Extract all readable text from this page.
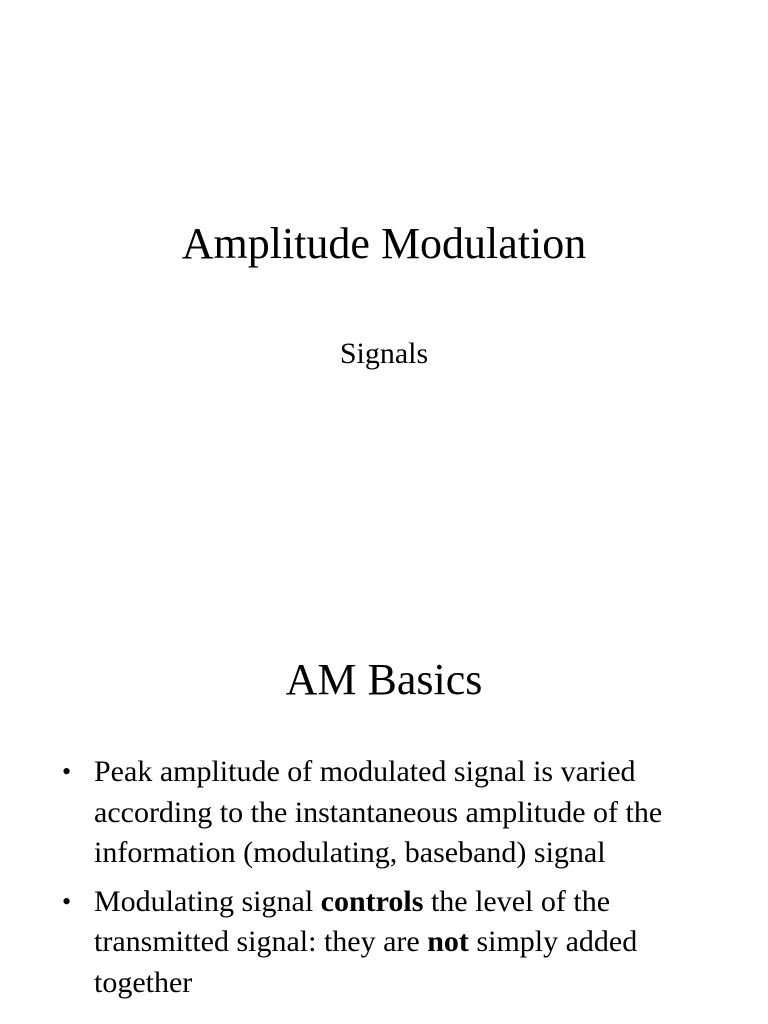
Amplitude Modulation
Signals
AM Basics
• Peak amplitude of modulated signal is varied according to the instantaneous amplitude of the information (modulating, baseband) signal
• Modulating signal controls the level of the transmitted signal: they are not simply added together
